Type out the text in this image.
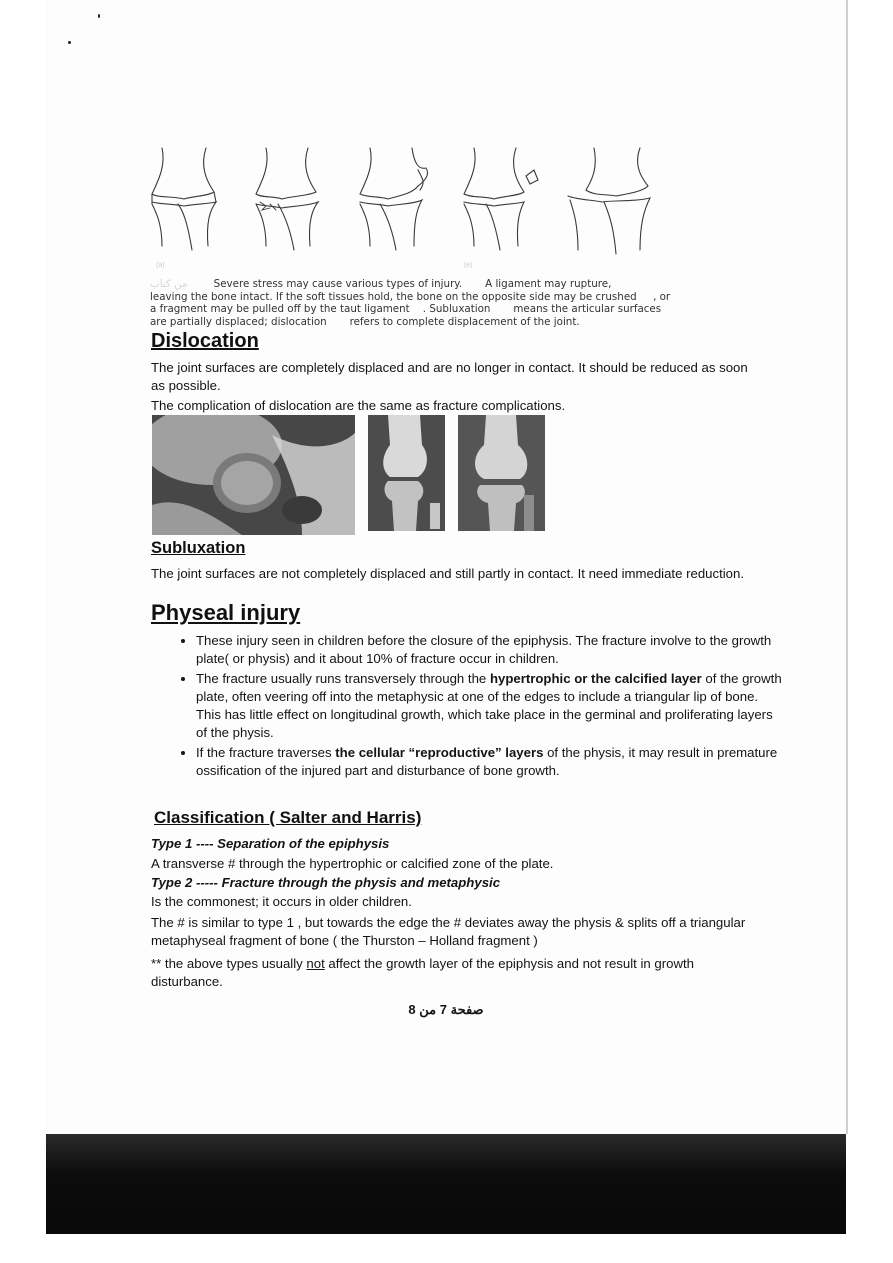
(a)	(e)
من كتاب	Severe stress may cause various types of injury. A ligament may rupture,
leaving the bone intact. If the soft tissues hold, the bone on the opposite side may be crushed , or
a fragment may be pulled off by the taut ligament . Subluxation means the articular surfaces
are partially displaced; dislocation refers to complete displacement of the joint.
Dislocation

The joint surfaces are completely displaced and are no longer in contact. It should be reduced as soon as possible.

The complication of dislocation are the same as fracture complications.

Subluxation

The joint surfaces are not completely displaced and still partly in contact. It need immediate reduction.

Physeal injury
• These injury seen in children before the closure of the epiphysis. The fracture involve to the growth plate( or physis) and it about 10% of fracture occur in children.
• The fracture usually runs transversely through the hypertrophic or the calcified layer of the growth plate, often veering off into the metaphysic at one of the edges to include a triangular lip of bone. This has little effect on longitudinal growth, which take place in the germinal and proliferating layers of the physis.
• If the fracture traverses the cellular “reproductive” layers of the physis, it may result in premature ossification of the injured part and disturbance of bone growth.
Classification ( Salter and Harris)

Type 1 ---- Separation of the epiphysis

A transverse # through the hypertrophic or calcified zone of the plate.

Type 2 ----- Fracture through the physis and metaphysic

Is the commonest; it occurs in older children.

The # is similar to type 1 , but towards the edge the # deviates away the physis & splits off a triangular metaphyseal fragment of bone ( the Thurston – Holland fragment )

** the above types usually not affect the growth layer of the epiphysis and not result in growth disturbance.

صفحة 7 من 8
